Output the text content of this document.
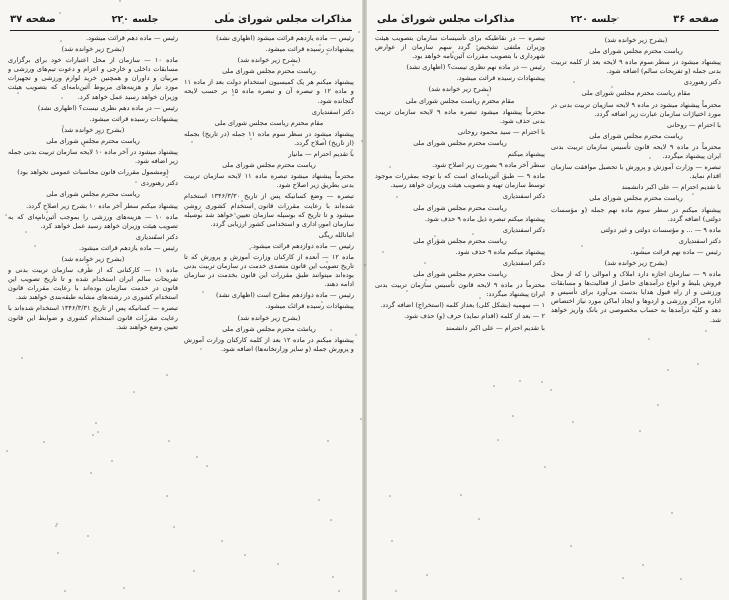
مذاکرات مجلس شورای ملی
جلسه ۲۲۰
صفحه ۳۷

رئیس — ماده یازدهم قرائت میشود (اظهاری نشد)

پیشنهادات رسیده قرائت میشود.

(بشرح زیر خوانده شد)

ریاست محترم مجلس شورای ملی

پیشنهاد میکنم هر یک کمیسیون استخدام دولت بعد از ماده ۱۱ و ماده ۱۲ و تبصره آن و تبصره ماده ۱۵ بر حسب لایحه گنجانده شود.

دکتر اسفندیاری

مقام محترم ریاست مجلس شورای ملی

پیشنهاد میشود در سطر سوم ماده ۱۱ جمله (در تاریخ) بجمله (از تاریخ) اصلاح گردد.

با تقدیم احترام — مانیار

ریاست محترم مجلس شورای ملی

محترماً پیشنهاد میشود تبصره ماده ۱۱ لایحه سازمان تربیت بدنی بطریق زیر اصلاح شود.

تبصره — وضع کسانیکه پس از تاریخ ۱۳۴۶/۳/۳۰ استخدام شده‌اند با رعایت مقررات قانون استخدام کشوری روشن میشود و تا تاریخ که بوسیله سازمان تعیین خواهد شد بوسیله سازمان امور اداری و استخدامی کشور ارزیابی گردد.

امانالله ریگی

رئیس — ماده دوازدهم قرائت میشود.

ماده ۱۲ — آنعده از کارکنان وزارت آموزش و پرورش که تا تاریخ تصویب این قانون متصدی خدمت در سازمان تربیت بدنی بوده‌اند میتوانند طبق مقررات این قانون بخدمت در سازمان ادامه دهند.

رئیس — ماده دوازدهم مطرح است (اظهاری نشد)

پیشنهادات رسیده قرائت میشود.

(بشرح زیر خوانده شد)

ریاست محترم مجلس شورای ملی

پیشنهاد میکنم در ماده ۱۲ بعد از کلمه کارکنان وزارت آموزش و پرورش جمله (و سایر وزارتخانه‌ها) اضافه شود.

رئیس — ماده دهم قرائت میشود.

(بشرح زیر خوانده شد)

ماده ۱۰ — سازمان از محل اعتبارات خود برای برگزاری مسابقات داخلی و خارجی و اعزام و دعوت تیم‌های ورزشی و مربیان و داوران و همچنین خرید لوازم ورزشی و تجهیزات مورد نیاز و هزینه‌های مربوط آئین‌نامه‌ای که بتصویب هیئت وزیران خواهد رسید عمل خواهد کرد.

رئیس — در ماده دهم نظری نیست؟ (اظهاری نشد)

پیشنهادات رسیده قرائت میشود.

(بشرح زیر خوانده شد)

ریاست محترم مجلس شورای ملی

پیشنهاد میشود در آخر ماده ۱۰ لایحه سازمان تربیت بدنی جمله زیر اضافه شود.

(ومشمول مقررات قانون محاسبات عمومی نخواهد بود)

دکتر رهنوردی

ریاست محترم مجلس شورای ملی

پیشنهاد میکنم سطر آخر ماده ۱۰ بشرح زیر اصلاح گردد.

ماده ۱۰ — هزینه‌های ورزشی را بموجب آئین‌نامه‌ای که به تصویب هیئت وزیران خواهد رسید عمل خواهد کرد.

دکتر اسفندیاری

رئیس — ماده یازدهم قرائت میشود.

(بشرح زیر خوانده شد)

ماده ۱۱ — کارکنانی که از طرف سازمان تربیت بدنی و تفریحات سالم ایران استخدام شده و تا تاریخ تصویب این قانون در خدمت سازمان بوده‌اند با رعایت مقررات قانون استخدام کشوری در رشته‌های مشابه طبقه‌بندی خواهند شد.

تبصره — کسانیکه پس از تاریخ ۱۳۴۶/۳/۳۱ استخدام شده‌اند با رعایت مقررات قانون استخدام کشوری و ضوابط این قانون تعیین وضع خواهند شد.

صفحه ۳۶
جلسه ۲۲۰
مذاکرات مجلس شورای ملی

(بشرح زیر خوانده شد)

ریاست محترم مجلس شورای ملی

پیشنهاد میشود در سطر سوم ماده ۹ لایحه بعد از کلمه تربیت بدنی جمله (و تفریحات سالم) اضافه شود.

دکتر رهنوردی

مقام ریاست محترم مجلس شورای ملی

محترماً پیشنهاد میشود در ماده ۹ لایحه سازمان تربیت بدنی در مورد اختیارات سازمان عبارت زیر اضافه گردد.

با احترام — روحانی

ریاست محترم مجلس شورای ملی

محترماً در ماده ۹ لایحه قانون تأسیس سازمان تربیت بدنی ایران پیشنهاد میگردد.

تبصره — وزارت آموزش و پرورش با تحصیل موافقت سازمان اقدام نماید.

با تقدیم احترام — علی اکبر دانشمند

ریاست محترم مجلس شورای ملی

پیشنهاد میکنم در سطر سوم ماده نهم جمله (و مؤسسات دولتی) اضافه گردد.

ماده ۹ — ... و مؤسسات دولتی و غیر دولتی

دکتر اسفندیاری

رئیس — ماده نهم قرائت میشود.

(بشرح زیر خوانده شد)

ماده ۹ — سازمان اجازه دارد املاک و اموالی را که از محل فروش بلیط و انواع درآمدهای حاصل از فعالیت‌ها و مسابقات ورزشی و از راه قبول هدایا بدست می‌آورد برای تأسیس و اداره مراکز ورزشی و اردوها و ایجاد اماکن مورد نیاز اختصاص دهد و کلیه درآمدها به حساب مخصوصی در بانک واریز خواهد شد.

تبصره — در نقاطیکه برای تأسیسات سازمان بتصویب هیئت وزیران ملتفی تشخیص گردد سهم سازمان از عوارض شهرداری با بتصویب مقررات آئین‌نامه خواهد بود.

رئیس — در ماده نهم نظری نیست؟ (اظهاری نشد)

پیشنهادات رسیده قرائت میشود.

(بشرح زیر خوانده شد)

مقام محترم ریاست مجلس شورای ملی

محترماً پیشنهاد میشود تبصره ماده ۹ لایحه سازمان تربیت بدنی حذف شود.

با احترام — سید محمود روحانی

ریاست محترم مجلس شورای ملی

پیشنهاد میکنم

سطر آخر ماده ۹ بصورت زیر اصلاح شود.

ماده ۹ — طبق آئین‌نامه‌ای است که با توجه بمقررات موجود توسط سازمان تهیه و بتصویب هیئت وزیران خواهد رسید.

دکتر اسفندیاری

ریاست محترم مجلس شورای ملی

پیشنهاد میکنم تبصره ذیل ماده ۹ حذف شود.

دکتر اسفندیاری

ریاست محترم مجلس شورای ملی

پیشنهاد میکنم ماده ۹ حذف شود.

دکتر اسفندیاری

ریاست محترم مجلس شورای ملی

محترماً در ماده ۹ لایحه قانون تأسیس سازمان تربیت بدنی ایران پیشنهاد میگردد:

۱ — سهمیه (بشکل کلی) بعداز کلمه (استخراج) اضافه گردد.

۲ — بعد از کلمه (اقدام نماید) حرف (و) حذف شود.

با تقدیم احترام — علی اکبر دانشمند
